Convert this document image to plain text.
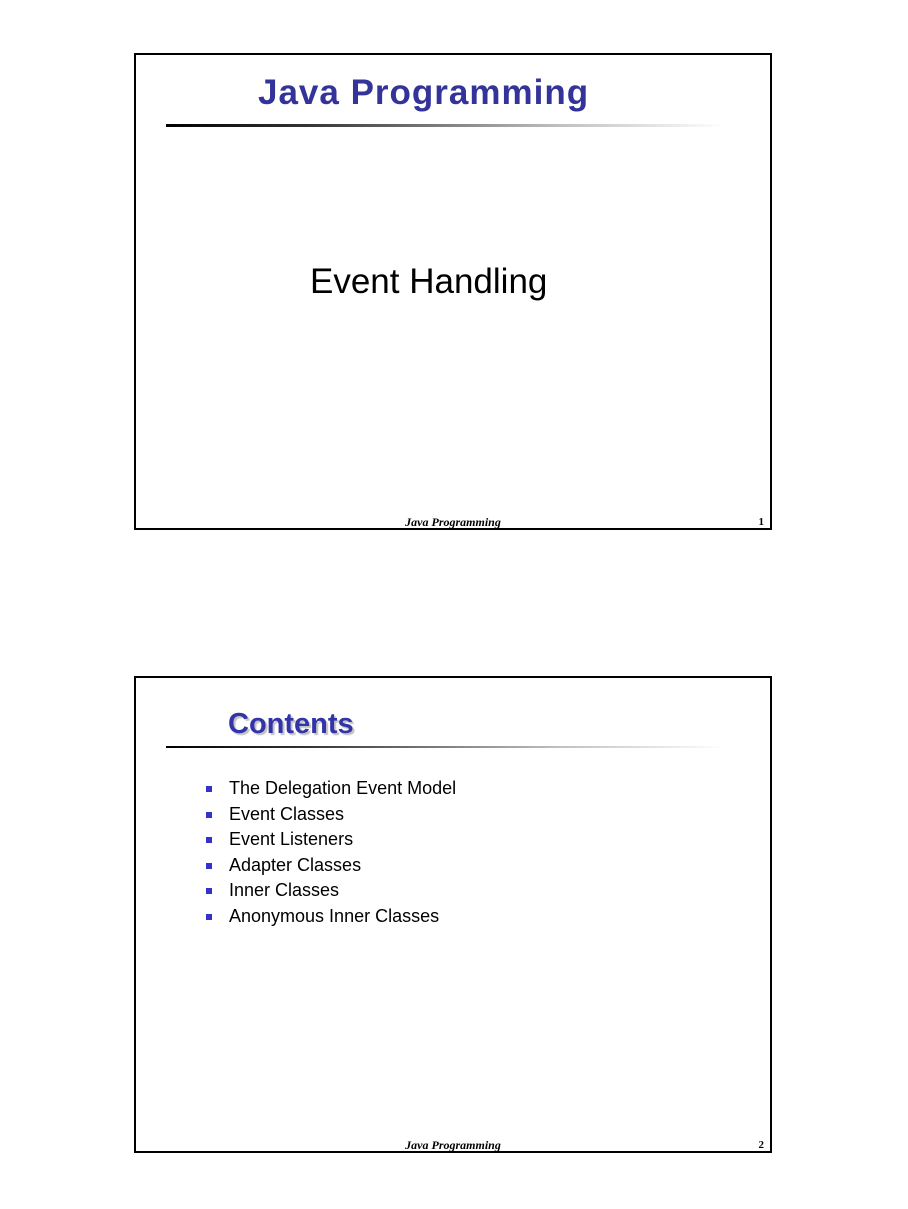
Java Programming
Event Handling
Java Programming	1
Contents
The Delegation Event Model
Event Classes
Event Listeners
Adapter Classes
Inner Classes
Anonymous Inner Classes
Java Programming	2
